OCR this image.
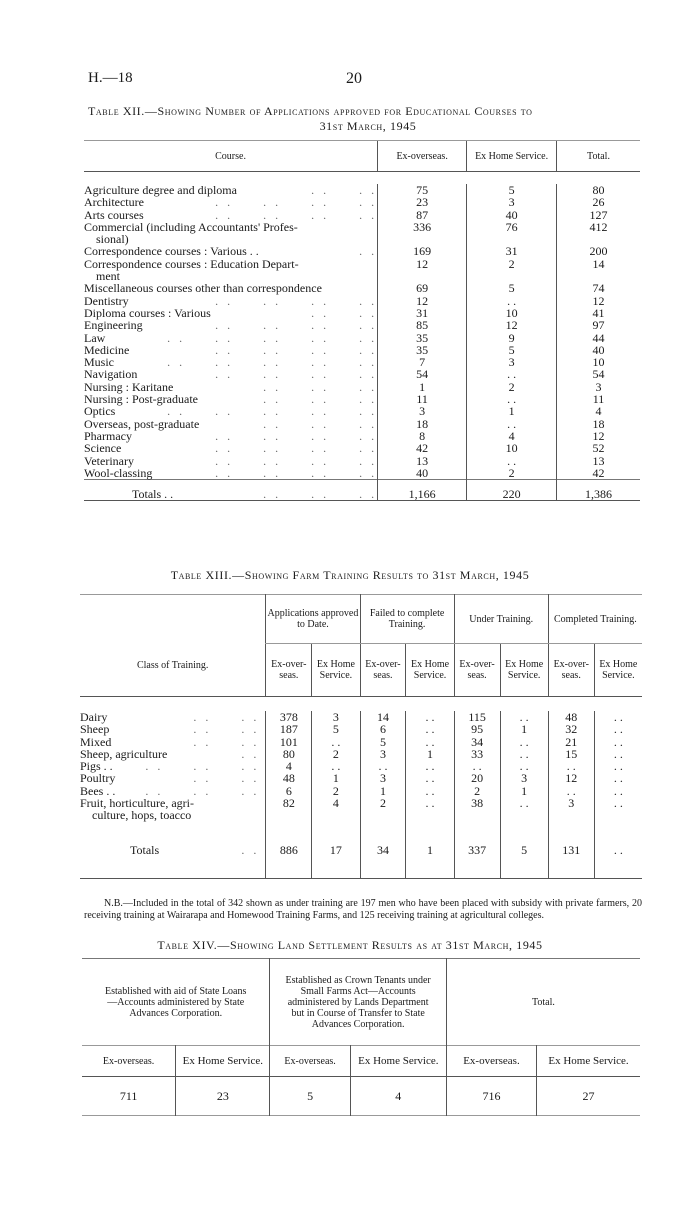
H.—18	20
Table XII.—Showing Number of Applications approved for Educational Courses to
31st March, 1945
Course.	Ex-overseas.	Ex Home Service.	Total.

. .     . .
Agriculture degree and diploma	75	5	80

. .     . .     . .     . .
Architecture	23	3	26

. .     . .     . .     . .
Arts courses	87	40	127

Commercial (including Accountants' Profes-	336	76	412

sional)			

. .
Correspondence courses : Various . .	169	31	200

Correspondence courses : Education Depart-	12	2	14

ment			

Miscellaneous courses other than correspondence	69	5	74

. .     . .     . .     . .
Dentistry	12	. .	12

. .     . .
Diploma courses : Various	31	10	41

. .     . .     . .     . .
Engineering	85	12	97

. .     . .     . .     . .     . .
Law	35	9	44

. .     . .     . .     . .
Medicine	35	5	40

. .     . .     . .     . .     . .
Music	7	3	10

. .     . .     . .     . .
Navigation	54	. .	54

. .     . .     . .
Nursing : Karitane	1	2	3

. .     . .     . .
Nursing : Post-graduate	11	. .	11

. .     . .     . .     . .     . .
Optics	3	1	4

. .     . .     . .
Overseas, post-graduate	18	. .	18

. .     . .     . .     . .
Pharmacy	8	4	12

. .     . .     . .     . .
Science	42	10	52

. .     . .     . .     . .
Veterinary	13	. .	13

. .     . .     . .     . .
Wool-classing	40	2	42
Totals . . . .     . .     . .	1,166	220	1,386
Table XIII.—Showing Farm Training Results to 31st March, 1945
Class of Training.	Applications approved to Date.		Failed to complete Training.		Under Training.		Completed Training.	
	Ex-over-seas.	Ex Home Service.	Ex-over-seas.	Ex Home Service.	Ex-over-seas.	Ex Home Service.	Ex-over-seas.	Ex Home Service.

. .     . .
Dairy	378	3	14	. .	115	. .	48	. .

. .     . .
Sheep	187	5	6	. .	95	1	32	. .

. .     . .
Mixed	101	. .	5	. .	34	. .	21	. .

. .
Sheep, agriculture	80	2	3	1	33	. .	15	. .

. .     . .     . .
Pigs . .	4	. .	. .	. .	. .	. .	. .	. .

. .     . .
Poultry	48	1	3	. .	20	3	12	. .

. .     . .     . .
Bees . .	6	2	1	. .	2	1	. .	. .

Fruit, horticulture, agri-	82	4	2	. .	38	. .	3	. .

culture, hops, toacco								
Totals . .	886	17	34	1	337	5	131	. .

N.B.—Included in the total of 342 shown as under training are 197 men who have been placed with subsidy with private farmers, 20 receiving training at Wairarapa and Homewood Training Farms, and 125 receiving training at agricultural colleges.

Table XIV.—Showing Land Settlement Results as at 31st March, 1945
Established with aid of State Loans—Accounts administered by State Advances Corporation.		Established as Crown Tenants under Small Farms Act—Accounts administered by Lands Department but in Course of Transfer to State Advances Corporation.		Total.	
Ex-overseas.	Ex Home Service.	Ex-overseas.	Ex Home Service.	Ex-overseas.	Ex Home Service.
711	23	5	4	716	27
